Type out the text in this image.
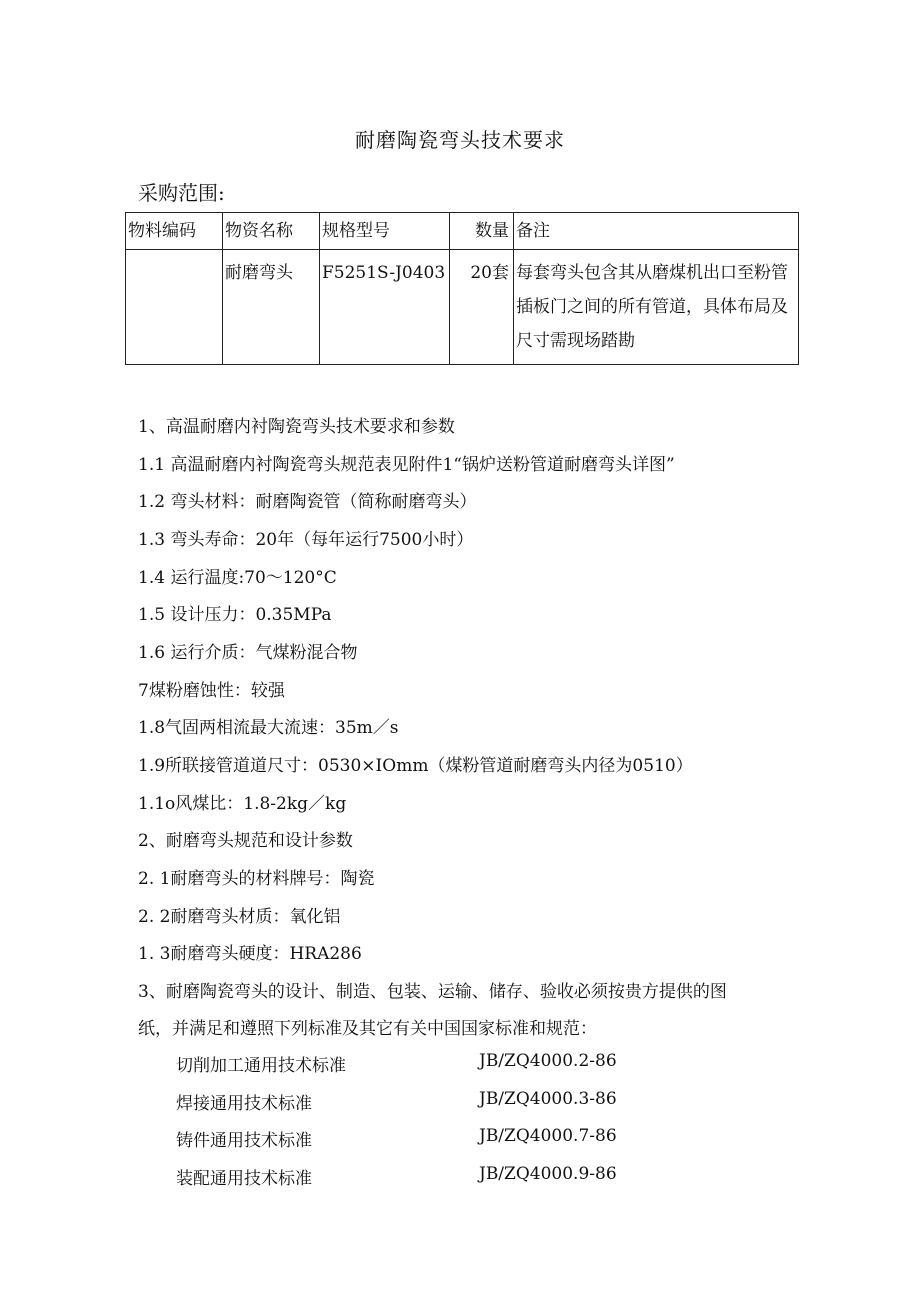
耐磨陶瓷弯头技术要求
采购范围:
物料编码	物资名称	规格型号	数量	备注
	耐磨弯头	F5251S-J0403	20套	每套弯头包含其从磨煤机出口至粉管插板门之间的所有管道，具体布局及尺寸需现场踏勘
1、高温耐磨内衬陶瓷弯头技术要求和参数
1.1 高温耐磨内衬陶瓷弯头规范表见附件1“锅炉送粉管道耐磨弯头详图”
1.2 弯头材料：耐磨陶瓷管（简称耐磨弯头）
1.3 弯头寿命：20年（每年运行7500小时）
1.4 运行温度:70～120°C
1.5 设计压力：0.35MPa
1.6 运行介质：气煤粉混合物
7煤粉磨蚀性：较强
1.8气固两相流最大流速：35m／s
1.9所联接管道道尺寸：0530×IOmm（煤粉管道耐磨弯头内径为0510）
1.1o风煤比：1.8-2kg／kg
2、耐磨弯头规范和设计参数
2. 1耐磨弯头的材料牌号：陶瓷
2. 2耐磨弯头材质：氧化铝
1. 3耐磨弯头硬度：HRA286
3、耐磨陶瓷弯头的设计、制造、包装、运输、储存、验收必须按贵方提供的图
纸，并满足和遵照下列标准及其它有关中国国家标准和规范：
切削加工通用技术标准	JB/ZQ4000.2-86
焊接通用技术标准	JB/ZQ4000.3-86
铸件通用技术标准	JB/ZQ4000.7-86
装配通用技术标准	JB/ZQ4000.9-86
